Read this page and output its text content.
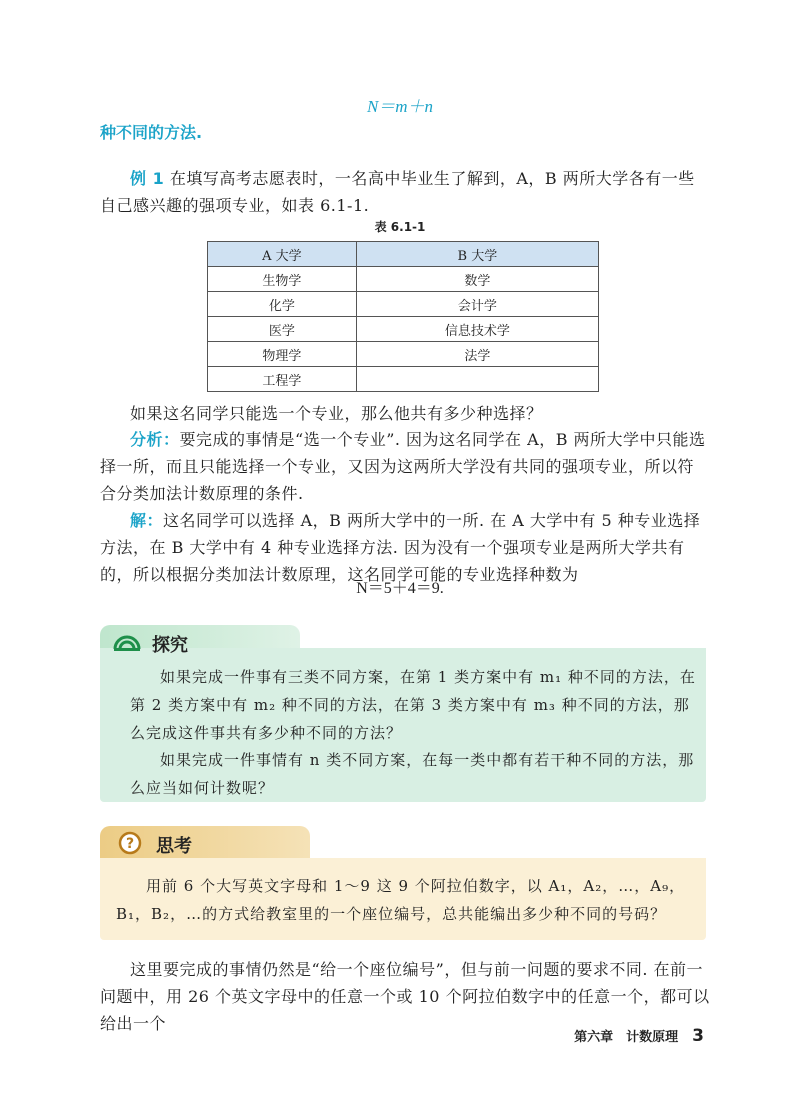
N＝m＋n
种不同的方法.
例 1 在填写高考志愿表时，一名高中毕业生了解到，A，B 两所大学各有一些自己感兴趣的强项专业，如表 6.1-1.
表 6.1-1
A 大学	B 大学
生物学	数学
化学	会计学
医学	信息技术学
物理学	法学
工程学	
如果这名同学只能选一个专业，那么他共有多少种选择？
分析：要完成的事情是“选一个专业”. 因为这名同学在 A，B 两所大学中只能选择一所，而且只能选择一个专业，又因为这两所大学没有共同的强项专业，所以符合分类加法计数原理的条件.
解：这名同学可以选择 A，B 两所大学中的一所. 在 A 大学中有 5 种专业选择方法，在 B 大学中有 4 种专业选择方法. 因为没有一个强项专业是两所大学共有的，所以根据分类加法计数原理，这名同学可能的专业选择种数为
N＝5＋4＝9.
探究
如果完成一件事有三类不同方案，在第 1 类方案中有 m₁ 种不同的方法，在第 2 类方案中有 m₂ 种不同的方法，在第 3 类方案中有 m₃ 种不同的方法，那么完成这件事共有多少种不同的方法？
如果完成一件事情有 n 类不同方案，在每一类中都有若干种不同的方法，那么应当如何计数呢？
? 思考
用前 6 个大写英文字母和 1～9 这 9 个阿拉伯数字，以 A₁，A₂，…，A₉，B₁，B₂，…的方式给教室里的一个座位编号，总共能编出多少种不同的号码？
这里要完成的事情仍然是“给一个座位编号”，但与前一问题的要求不同. 在前一问题中，用 26 个英文字母中的任意一个或 10 个阿拉伯数字中的任意一个，都可以给出一个
第六章　计数原理 3
